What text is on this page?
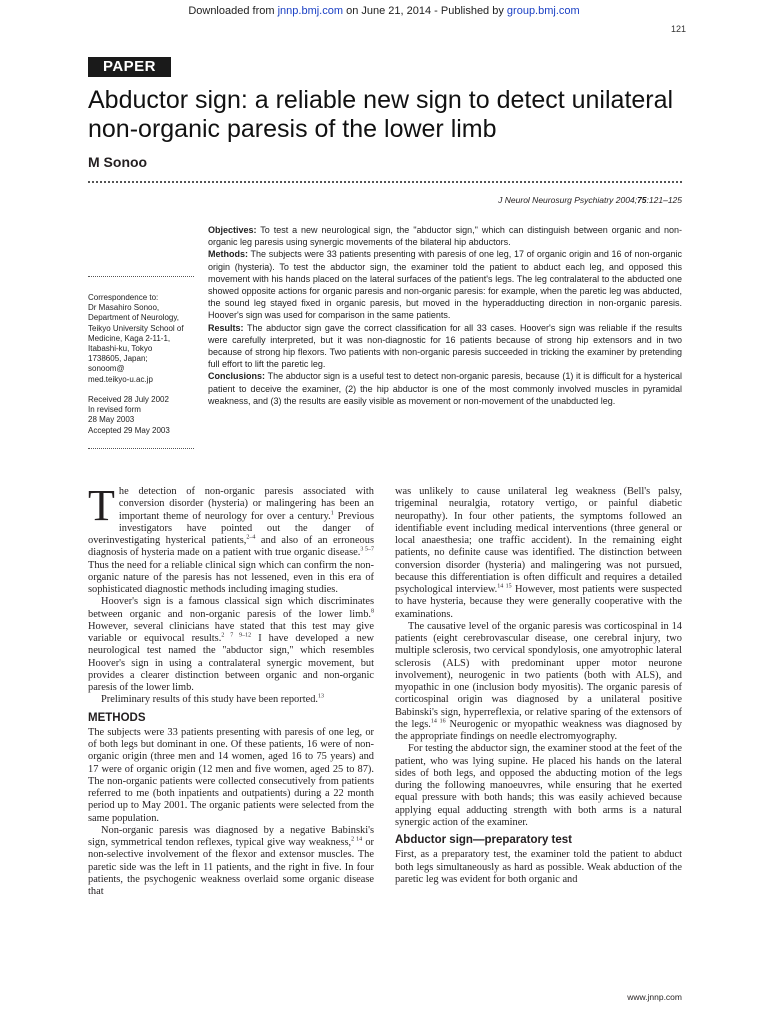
Downloaded from jnnp.bmj.com on June 21, 2014 - Published by group.bmj.com
121
PAPER
Abductor sign: a reliable new sign to detect unilateral non-organic paresis of the lower limb
M Sonoo
J Neurol Neurosurg Psychiatry 2004;75:121–125
Correspondence to:
Dr Masahiro Sonoo,
Department of Neurology,
Teikyo University School of
Medicine, Kaga 2-11-1,
Itabashi-ku, Tokyo
1738605, Japan;
sonoom@
med.teikyo-u.ac.jp
Received 28 July 2002
In revised form
28 May 2003
Accepted 29 May 2003

Objectives: To test a new neurological sign, the ''abductor sign,'' which can distinguish between organic and non-organic leg paresis using synergic movements of the bilateral hip abductors.

Methods: The subjects were 33 patients presenting with paresis of one leg, 17 of organic origin and 16 of non-organic origin (hysteria). To test the abductor sign, the examiner told the patient to abduct each leg, and opposed this movement with his hands placed on the lateral surfaces of the patient's legs. The leg contralateral to the abducted one showed opposite actions for organic paresis and non-organic paresis: for example, when the paretic leg was abducted, the sound leg stayed fixed in organic paresis, but moved in the hyperadducting direction in non-organic paresis. Hoover's sign was used for comparison in the same patients.

Results: The abductor sign gave the correct classification for all 33 cases. Hoover's sign was reliable if the results were carefully interpreted, but it was non-diagnostic for 16 patients because of strong hip extensors and in two because of strong hip flexors. Two patients with non-organic paresis succeeded in tricking the examiner by pretending full effort to lift the paretic leg.

Conclusions: The abductor sign is a useful test to detect non-organic paresis, because (1) it is difficult for a hysterical patient to deceive the examiner, (2) the hip abductor is one of the most commonly involved muscles in pyramidal weakness, and (3) the results are easily visible as movement or non-movement of the unabducted leg.

The detection of non-organic paresis associated with conversion disorder (hysteria) or malingering has been an important theme of neurology for over a century.$^1$ Previous investigators have pointed out the danger of overinvestigating hysterical patients,$^{2-4}$ and also of an erroneous diagnosis of hysteria made on a patient with true organic disease.$^{3 5-7}$ Thus the need for a reliable clinical sign which can confirm the non-organic nature of the paresis has not lessened, even in this era of sophisticated diagnostic methods including imaging studies.

Hoover's sign is a famous classical sign which discriminates between organic and non-organic paresis of the lower limb.$^8$ However, several clinicians have stated that this test may give variable or equivocal results.$^{2 7 9-12}$ I have developed a new neurological test named the ''abductor sign,'' which resembles Hoover's sign in using a contralateral synergic movement, but provides a clearer distinction between organic and non-organic paresis of the lower limb.

Preliminary results of this study have been reported.$^{13}$

METHODS

The subjects were 33 patients presenting with paresis of one leg, or of both legs but dominant in one. Of these patients, 16 were of non-organic origin (three men and 14 women, aged 16 to 75 years) and 17 were of organic origin (12 men and five women, aged 25 to 87). The non-organic patients were collected consecutively from patients referred to me (both inpatients and outpatients) during a 22 month period up to May 2001. The organic patients were selected from the same population.

Non-organic paresis was diagnosed by a negative Babinski's sign, symmetrical tendon reflexes, typical give way weakness,$^{2 14}$ or non-selective involvement of the flexor and extensor muscles. The paretic side was the left in 11 patients, and the right in five. In four patients, the psychogenic weakness overlaid some organic disease that

was unlikely to cause unilateral leg weakness (Bell's palsy, trigeminal neuralgia, rotatory vertigo, or painful diabetic neuropathy). In four other patients, the symptoms followed an identifiable event including medical interventions (three general or local anaesthesia; one traffic accident). In the remaining eight patients, no definite cause was identified. The distinction between conversion disorder (hysteria) and malingering was not pursued, because this differentiation is often difficult and requires a detailed psychological interview.$^{14 15}$ However, most patients were suspected to have hysteria, because they were generally cooperative with the examinations.

The causative level of the organic paresis was corticospinal in 14 patients (eight cerebrovascular disease, one cerebral injury, two multiple sclerosis, two cervical spondylosis, one amyotrophic lateral sclerosis (ALS) with predominant upper motor neurone involvement), neurogenic in two patients (both with ALS), and myopathic in one (inclusion body myositis). The organic paresis of corticospinal origin was diagnosed by a unilateral positive Babinski's sign, hyperreflexia, or relative sparing of the extensors of the legs.$^{14 16}$ Neurogenic or myopathic weakness was diagnosed by the appropriate findings on needle electromyography.

For testing the abductor sign, the examiner stood at the feet of the patient, who was lying supine. He placed his hands on the lateral sides of both legs, and opposed the abducting motion of the legs during the following manoeuvres, while ensuring that he exerted equal pressure with both hands; this was easily achieved because applying equal adducting strength with both arms is a natural synergic action of the examiner.

Abductor sign—preparatory test

First, as a preparatory test, the examiner told the patient to abduct both legs simultaneously as hard as possible. Weak abduction of the paretic leg was evident for both organic and

www.jnnp.com
